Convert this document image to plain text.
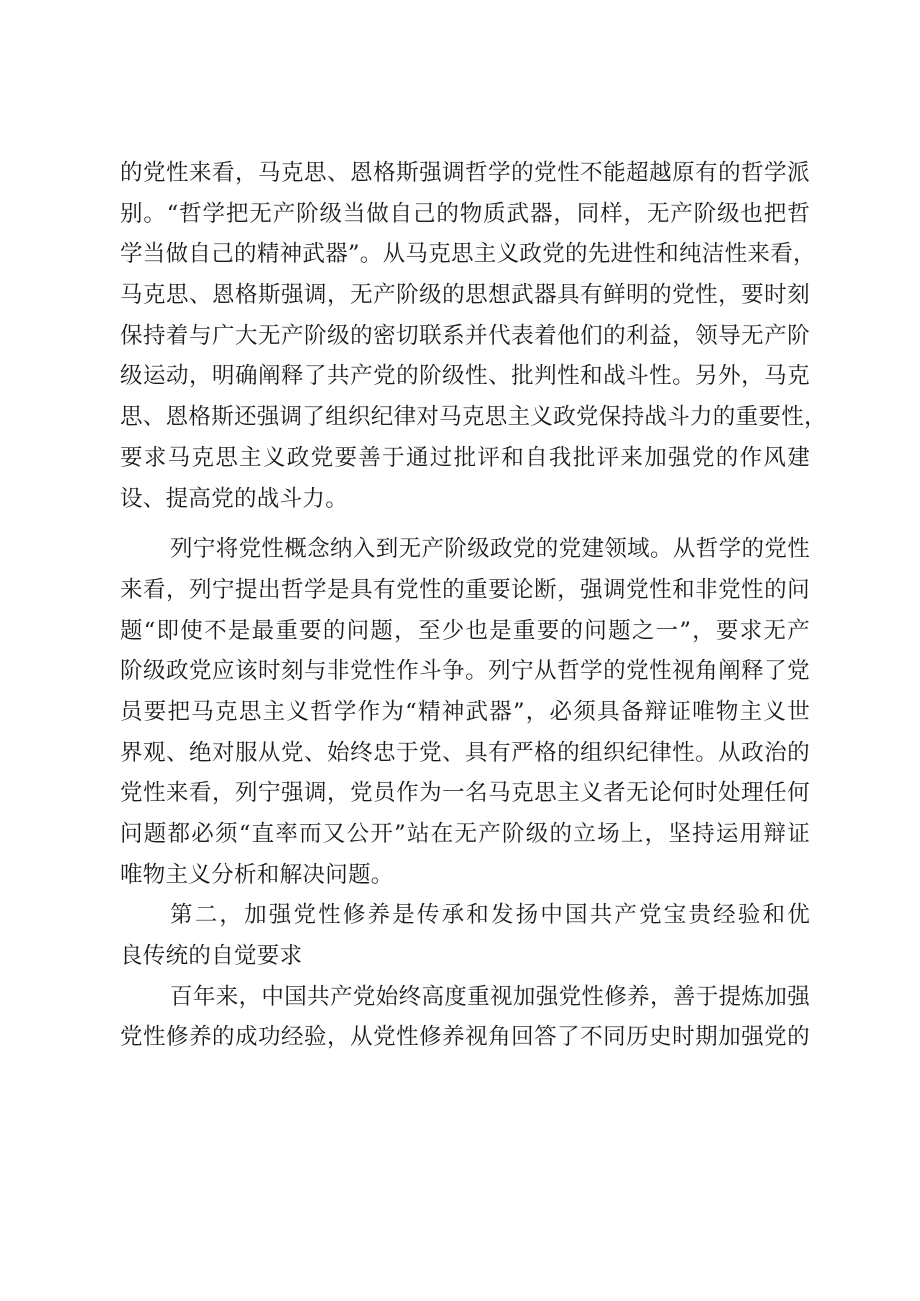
的党性来看，马克思、恩格斯强调哲学的党性不能超越原有的哲学派
别。“哲学把无产阶级当做自己的物质武器，同样，无产阶级也把哲
学当做自己的精神武器”。从马克思主义政党的先进性和纯洁性来看，
马克思、恩格斯强调，无产阶级的思想武器具有鲜明的党性，要时刻
保持着与广大无产阶级的密切联系并代表着他们的利益，领导无产阶
级运动，明确阐释了共产党的阶级性、批判性和战斗性。另外，马克
思、恩格斯还强调了组织纪律对马克思主义政党保持战斗力的重要性，
要求马克思主义政党要善于通过批评和自我批评来加强党的作风建
设、提高党的战斗力。
列宁将党性概念纳入到无产阶级政党的党建领域。从哲学的党性
来看，列宁提出哲学是具有党性的重要论断，强调党性和非党性的问
题“即使不是最重要的问题，至少也是重要的问题之一”，要求无产
阶级政党应该时刻与非党性作斗争。列宁从哲学的党性视角阐释了党
员要把马克思主义哲学作为“精神武器”，必须具备辩证唯物主义世
界观、绝对服从党、始终忠于党、具有严格的组织纪律性。从政治的
党性来看，列宁强调，党员作为一名马克思主义者无论何时处理任何
问题都必须“直率而又公开”站在无产阶级的立场上，坚持运用辩证
唯物主义分析和解决问题。
第二，加强党性修养是传承和发扬中国共产党宝贵经验和优
良传统的自觉要求
百年来，中国共产党始终高度重视加强党性修养，善于提炼加强
党性修养的成功经验，从党性修养视角回答了不同历史时期加强党的
